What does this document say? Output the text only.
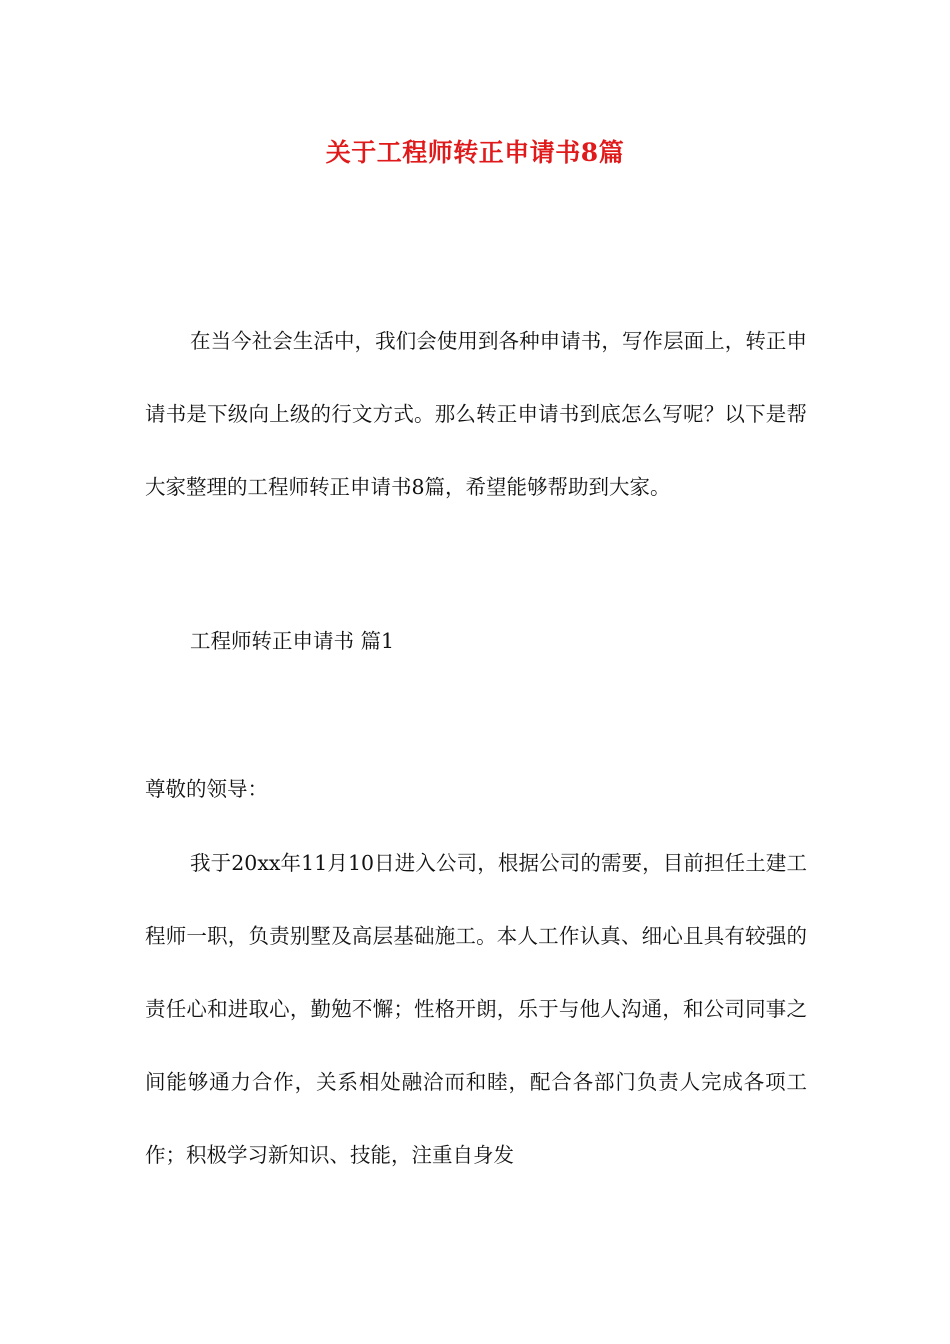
关于工程师转正申请书8篇
在当今社会生活中，我们会使用到各种申请书，写作层面上，转正申请书是下级向上级的行文方式。那么转正申请书到底怎么写呢？以下是帮大家整理的工程师转正申请书8篇，希望能够帮助到大家。
工程师转正申请书 篇1
尊敬的领导：
我于20xx年11月10日进入公司，根据公司的需要，目前担任土建工程师一职，负责别墅及高层基础施工。本人工作认真、细心且具有较强的责任心和进取心，勤勉不懈；性格开朗，乐于与他人沟通，和公司同事之间能够通力合作，关系相处融洽而和睦，配合各部门负责人完成各项工作；积极学习新知识、技能，注重自身发
